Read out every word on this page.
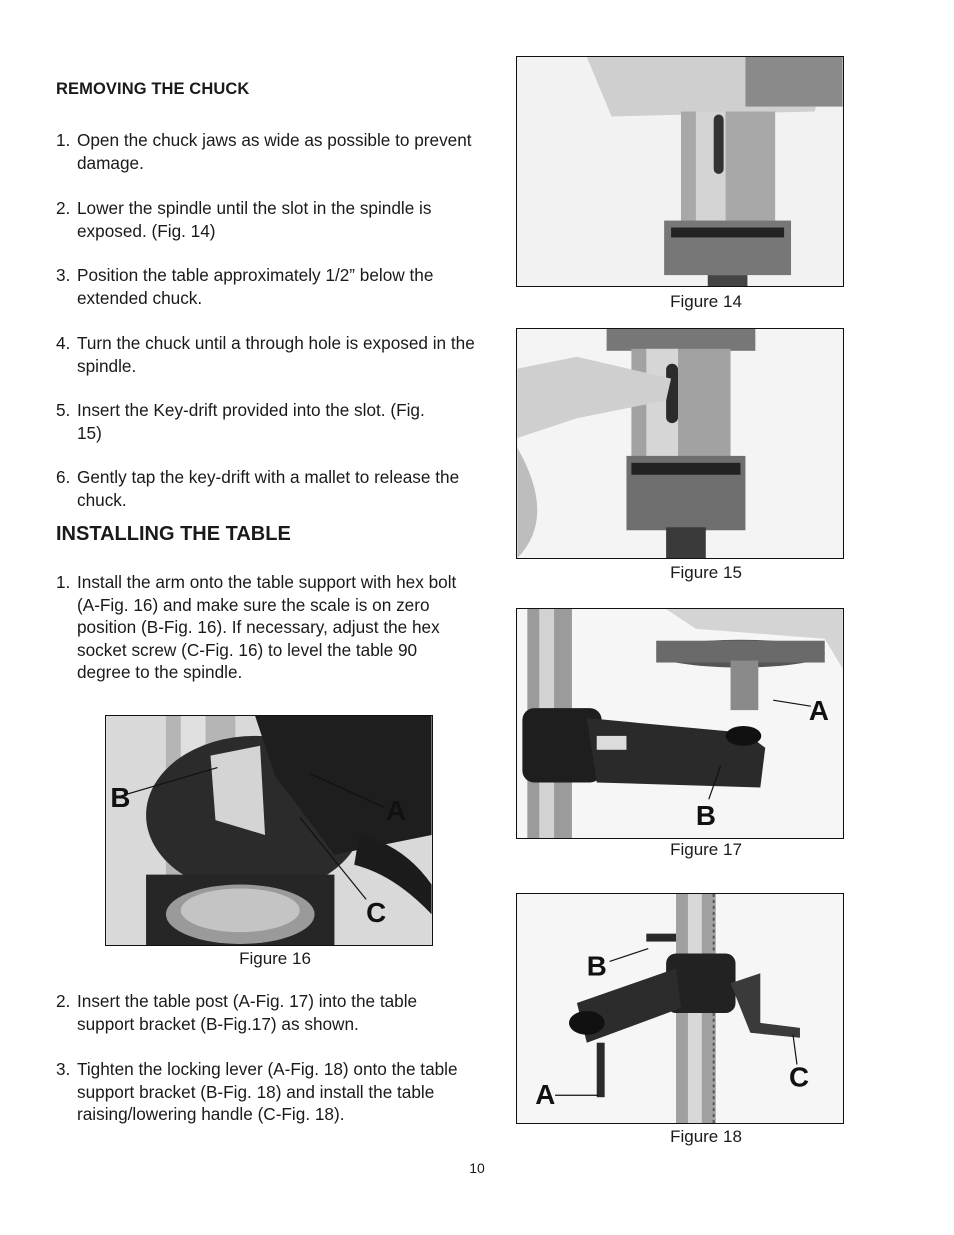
REMOVING THE CHUCK
1. Open the chuck jaws as wide as possible to prevent damage.
2. Lower the spindle until the slot in the spindle is exposed. (Fig. 14)
3. Position the table approximately 1/2” below the extended chuck.
4. Turn the chuck until a through hole is exposed in the spindle.
5. Insert the Key-drift provided into the slot. (Fig. 15)
6. Gently tap the key-drift with a mallet to release the chuck.
INSTALLING THE TABLE
1. Install the arm onto the table support with hex bolt (A-Fig. 16) and make sure the scale is on zero position (B-Fig. 16). If necessary, adjust the hex socket screw (C-Fig. 16) to level the table 90 degree to the spindle.
B	A
C
Figure 16
2. Insert the table post (A-Fig. 17) into the table support bracket (B-Fig.17) as shown.
3. Tighten the locking lever (A-Fig. 18) onto the table support bracket (B-Fig. 18) and install the table raising/lowering handle (C-Fig. 18).
Figure 14
Figure 15
A
B
Figure 17
B
C
A
Figure 18
10
